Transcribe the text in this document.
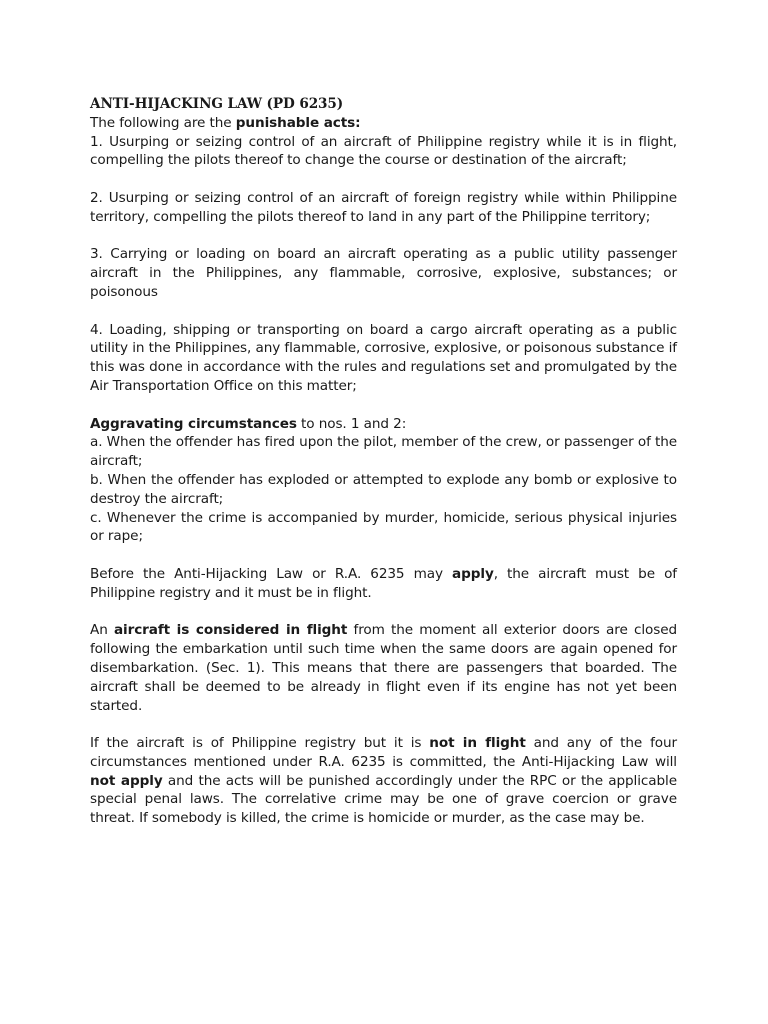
ANTI-HIJACKING LAW (PD 6235)

The following are the punishable acts:

1. Usurping or seizing control of an aircraft of Philippine registry while it is in flight, compelling the pilots thereof to change the course or destination of the aircraft;

2. Usurping or seizing control of an aircraft of foreign registry while within Philippine territory, compelling the pilots thereof to land in any part of the Philippine territory;

3. Carrying or loading on board an aircraft operating as a public utility passenger aircraft in the Philippines, any flammable, corrosive, explosive, substances; or poisonous

4. Loading, shipping or transporting on board a cargo aircraft operating as a public utility in the Philippines, any flammable, corrosive, explosive, or poisonous substance if this was done in accordance with the rules and regulations set and promulgated by the Air Transportation Office on this matter;

Aggravating circumstances to nos. 1 and 2:

a. When the offender has fired upon the pilot, member of the crew, or passenger of the aircraft;

b. When the offender has exploded or attempted to explode any bomb or explosive to destroy the aircraft;

c. Whenever the crime is accompanied by murder, homicide, serious physical injuries or rape;

Before the Anti-Hijacking Law or R.A. 6235 may apply, the aircraft must be of Philippine registry and it must be in flight.

An aircraft is considered in flight from the moment all exterior doors are closed following the embarkation until such time when the same doors are again opened for disembarkation. (Sec. 1). This means that there are passengers that boarded. The aircraft shall be deemed to be already in flight even if its engine has not yet been started.

If the aircraft is of Philippine registry but it is not in flight and any of the four circumstances mentioned under R.A. 6235 is committed, the Anti-Hijacking Law will not apply and the acts will be punished accordingly under the RPC or the applicable special penal laws. The correlative crime may be one of grave coercion or grave threat. If somebody is killed, the crime is homicide or murder, as the case may be.
